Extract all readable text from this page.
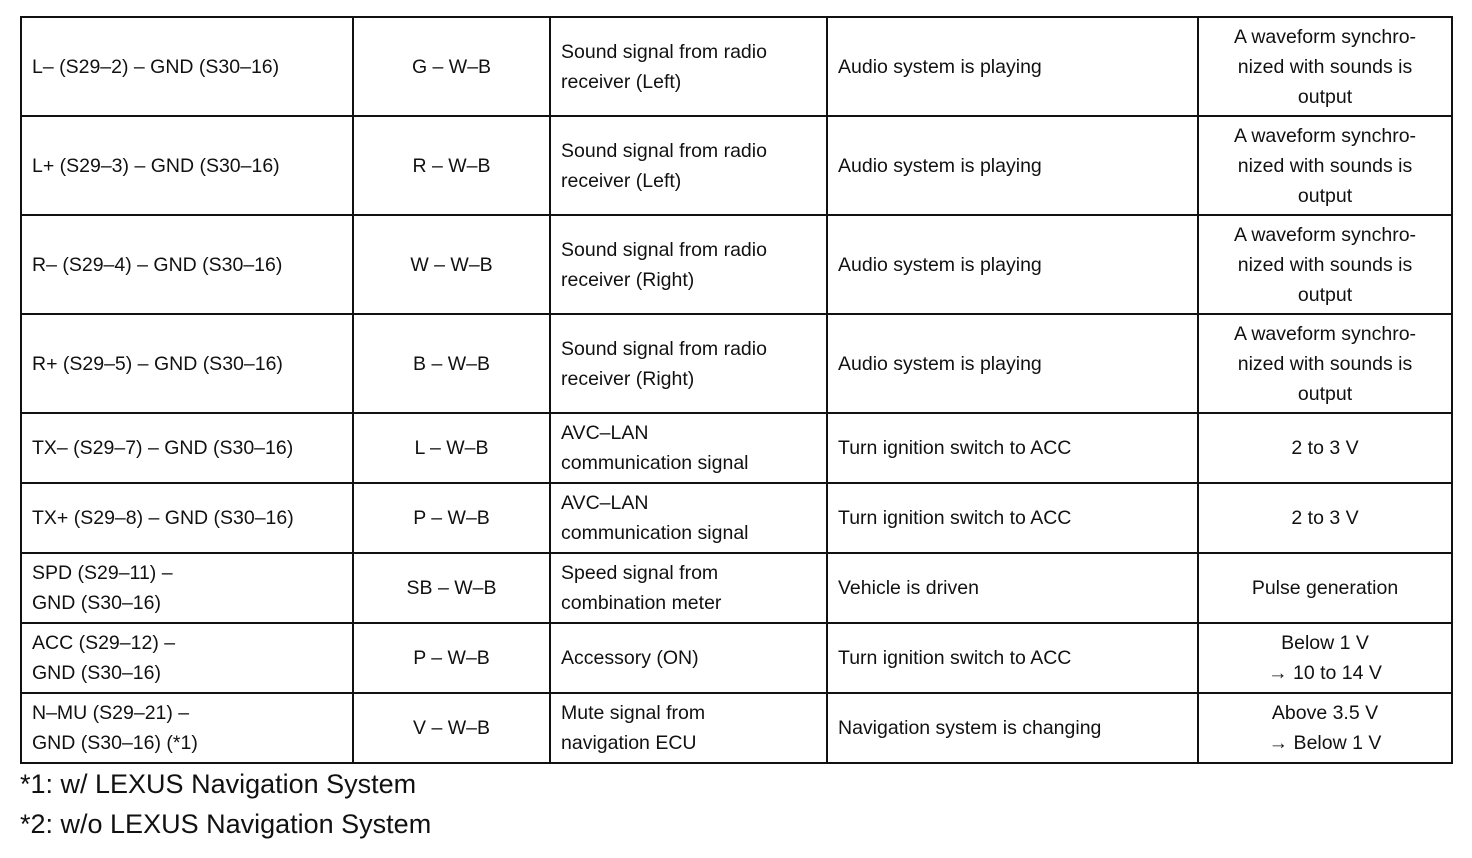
L– (S29–2) – GND (S30–16)	G – W–B	Sound signal from radio
receiver (Left)	Audio system is playing	A waveform synchro-
nized with sounds is
output
L+ (S29–3) – GND (S30–16)	R – W–B	Sound signal from radio
receiver (Left)	Audio system is playing	A waveform synchro-
nized with sounds is
output
R– (S29–4) – GND (S30–16)	W – W–B	Sound signal from radio
receiver (Right)	Audio system is playing	A waveform synchro-
nized with sounds is
output
R+ (S29–5) – GND (S30–16)	B – W–B	Sound signal from radio
receiver (Right)	Audio system is playing	A waveform synchro-
nized with sounds is
output
TX– (S29–7) – GND (S30–16)	L – W–B	AVC–LAN
communication signal	Turn ignition switch to ACC	2 to 3 V
TX+ (S29–8) – GND (S30–16)	P – W–B	AVC–LAN
communication signal	Turn ignition switch to ACC	2 to 3 V
SPD (S29–11) –
GND (S30–16)	SB – W–B	Speed signal from
combination meter	Vehicle is driven	Pulse generation
ACC (S29–12) –
GND (S30–16)	P – W–B	Accessory (ON)	Turn ignition switch to ACC	Below 1 V
→ 10 to 14 V
N–MU (S29–21) –
GND (S30–16) (*1)	V – W–B	Mute signal from
navigation ECU	Navigation system is changing	Above 3.5 V
→ Below 1 V
*1: w/ LEXUS Navigation System
*2: w/o LEXUS Navigation System
